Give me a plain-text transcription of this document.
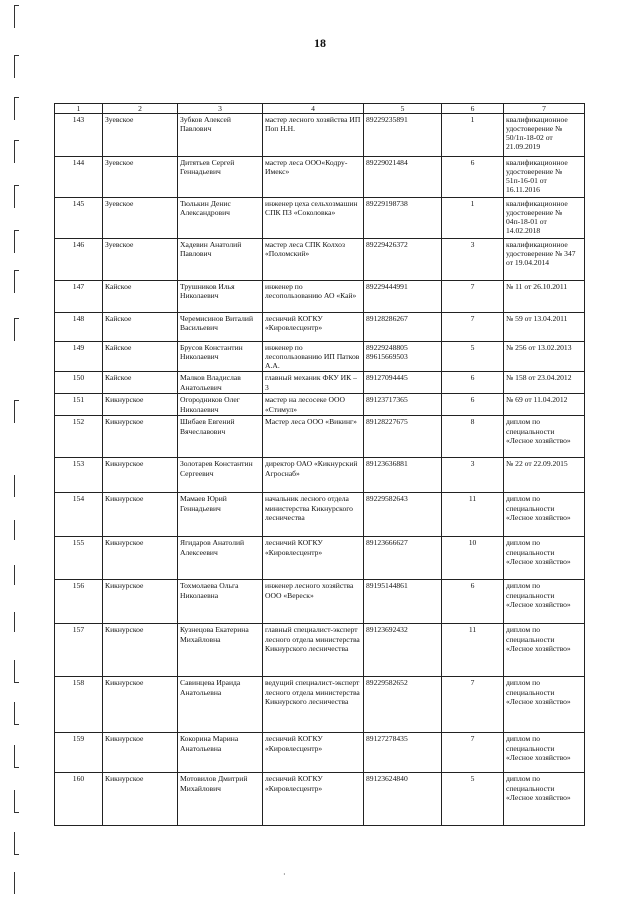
18
1	2	3	4	5	6	7
143	Зуевское	Зубков Алексей Павлович	мастер лесного хозяйства ИП Поп Н.Н.	89229235891	1	квалификационное удостоверение № 50/1п-18-02 от 21.09.2019
144	Зуевское	Дитятьев Сергей Геннадьевич	мастер леса ООО«Кодру-Имекс»	89229021484	6	квалификационное удостоверение № 51п-16-01 от 16.11.2016
145	Зуевское	Тюлькин Денис Александрович	инженер цеха сельхозмашин СПК ПЗ «Соколовка»	89229198738	1	квалификационное удостоверение № 04п-18-01 от 14.02.2018
146	Зуевское	Хадевин Анатолий Павлович	мастер леса СПК Колхоз «Поломский»	89229426372	3	квалификационное удостоверение № 347 от 19.04.2014
147	Кайское	Трушников Илья Николаевич	инженер по лесопользованию АО «Кай»	89229444991	7	№ 11 от 26.10.2011
148	Кайское	Черемисинов Виталий Васильевич	лесничий КОГКУ «Кировлесцентр»	89128286267	7	№ 59 от 13.04.2011
149	Кайское	Брусов Константин Николаевич	инженер по лесопользованию ИП Патков А.А.	89229248805 89615669503	5	№ 256 от 13.02.2013
150	Кайское	Малков Владислав Анатольевич	главный механик ФКУ ИК – 3	89127094445	6	№ 158 от 23.04.2012
151	Кикнурское	Огородников Олег Николаевич	мастер на лесосеке ООО «Стимул»	89123717365	6	№ 69 от 11.04.2012
152	Кикнурское	Шибаев Евгений Вячеславович	Мастер леса ООО «Викинг»	89128227675	8	диплом по специальности «Лесное хозяйство»
153	Кикнурское	Золотарев Константин Сергеевич	директор ОАО «Кикнурский Агроснаб»	89123636881	3	№ 22 от 22.09.2015
154	Кикнурское	Мамаев Юрий Геннадьевич	начальник лесного отдела министерства Кикнурского лесничества	89229582643	11	диплом по специальности «Лесное хозяйство»
155	Кикнурское	Ягидаров Анатолий Алексеевич	лесничий КОГКУ «Кировлесцентр»	89123666627	10	диплом по специальности «Лесное хозяйство»
156	Кикнурское	Тохмолаева Ольга Николаевна	инженер лесного хозяйства ООО «Вереск»	89195144861	6	диплом по специальности «Лесное хозяйство»
157	Кикнурское	Кузнецова Екатерина Михайловна	главный специалист-эксперт лесного отдела министерства Кикнурского лесничества	89123692432	11	диплом по специальности «Лесное хозяйство»
158	Кикнурское	Савинцева Ираида Анатольевна	ведущий специалист-эксперт лесного отдела министерства Кикнурского лесничества	89229582652	7	диплом по специальности «Лесное хозяйство»
159	Кикнурское	Кокорина Марина Анатольевна	лесничий КОГКУ «Кировлесцентр»	89127278435	7	диплом по специальности «Лесное хозяйство»
160	Кикнурское	Мотовилов Дмитрий Михайлович	лесничий КОГКУ «Кировлесцентр»	89123624840	5	диплом по специальности «Лесное хозяйство»
·
